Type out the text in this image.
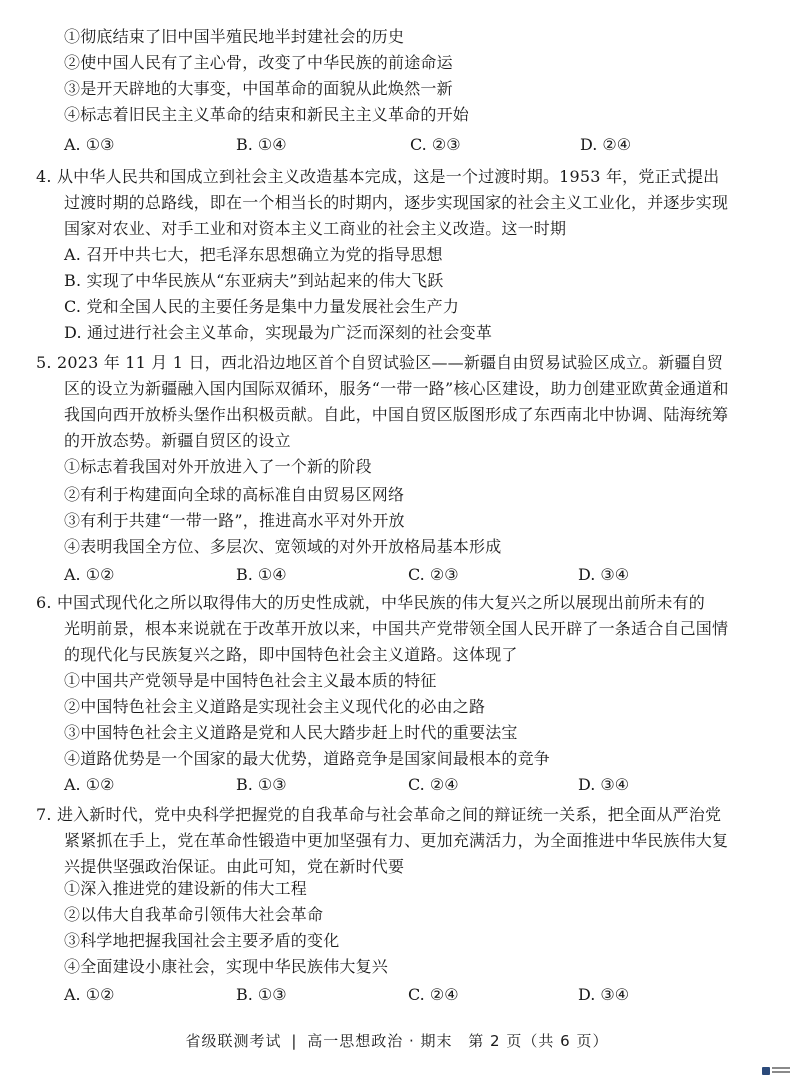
①彻底结束了旧中国半殖民地半封建社会的历史
②使中国人民有了主心骨，改变了中华民族的前途命运
③是开天辟地的大事变，中国革命的面貌从此焕然一新
④标志着旧民主主义革命的结束和新民主主义革命的开始
A. ①③	B. ①④	C. ②③	D. ②④
4. 从中华人民共和国成立到社会主义改造基本完成，这是一个过渡时期。1953 年，党正式提出
过渡时期的总路线，即在一个相当长的时期内，逐步实现国家的社会主义工业化，并逐步实现
国家对农业、对手工业和对资本主义工商业的社会主义改造。这一时期
A. 召开中共七大，把毛泽东思想确立为党的指导思想
B. 实现了中华民族从“东亚病夫”到站起来的伟大飞跃
C. 党和全国人民的主要任务是集中力量发展社会生产力
D. 通过进行社会主义革命，实现最为广泛而深刻的社会变革
5. 2023 年 11 月 1 日，西北沿边地区首个自贸试验区——新疆自由贸易试验区成立。新疆自贸
区的设立为新疆融入国内国际双循环，服务“一带一路”核心区建设，助力创建亚欧黄金通道和
我国向西开放桥头堡作出积极贡献。自此，中国自贸区版图形成了东西南北中协调、陆海统筹
的开放态势。新疆自贸区的设立
①标志着我国对外开放进入了一个新的阶段
②有利于构建面向全球的高标准自由贸易区网络
③有利于共建“一带一路”，推进高水平对外开放
④表明我国全方位、多层次、宽领域的对外开放格局基本形成
A. ①②	B. ①④	C. ②③	D. ③④
6. 中国式现代化之所以取得伟大的历史性成就，中华民族的伟大复兴之所以展现出前所未有的
光明前景，根本来说就在于改革开放以来，中国共产党带领全国人民开辟了一条适合自己国情
的现代化与民族复兴之路，即中国特色社会主义道路。这体现了
①中国共产党领导是中国特色社会主义最本质的特征
②中国特色社会主义道路是实现社会主义现代化的必由之路
③中国特色社会主义道路是党和人民大踏步赶上时代的重要法宝
④道路优势是一个国家的最大优势，道路竞争是国家间最根本的竞争
A. ①②	B. ①③	C. ②④	D. ③④
7. 进入新时代，党中央科学把握党的自我革命与社会革命之间的辩证统一关系，把全面从严治党
紧紧抓在手上，党在革命性锻造中更加坚强有力、更加充满活力，为全面推进中华民族伟大复
兴提供坚强政治保证。由此可知，党在新时代要
①深入推进党的建设新的伟大工程
②以伟大自我革命引领伟大社会革命
③科学地把握我国社会主要矛盾的变化
④全面建设小康社会，实现中华民族伟大复兴
A. ①②	B. ①③	C. ②④	D. ③④
省级联测考试 | 高一思想政治 · 期末 第 2 页（共 6 页）
